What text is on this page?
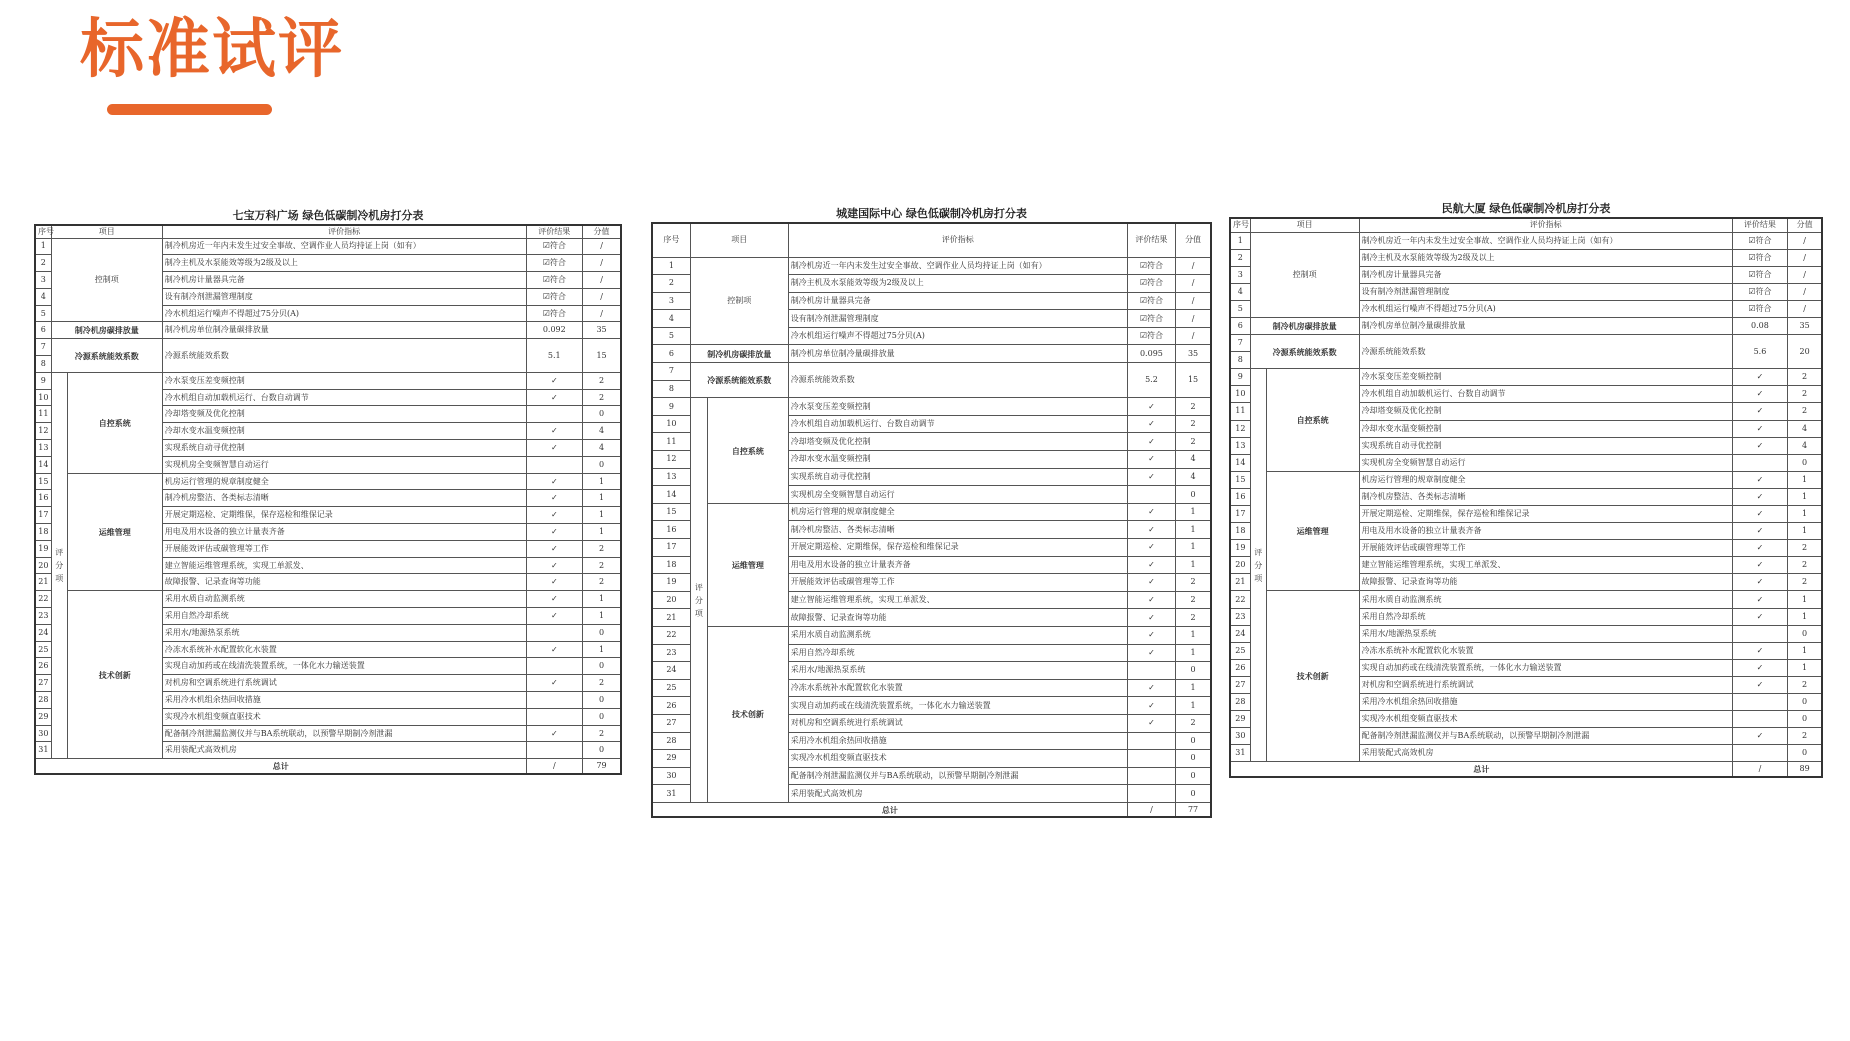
标准试评
七宝万科广场 绿色低碳制冷机房打分表
序号	项目		评价指标	评价结果	分值
1	控制项		制冷机房近一年内未发生过安全事故、空调作业人员均持证上岗（如有）	☑符合	/
2			制冷主机及水泵能效等级为2级及以上	☑符合	/
3			制冷机房计量器具完备	☑符合	/
4			设有制冷剂泄漏管理制度	☑符合	/
5			冷水机组运行噪声不得超过75分贝(A)	☑符合	/
6	制冷机房碳排放量		制冷机房单位制冷量碳排放量	0.092	35
7	冷源系统能效系数		冷源系统能效系数	5.1	15
8					
9	评分项	自控系统	冷水泵变压差变频控制	✓	2
10			冷水机组自动加载机运行、台数自动调节	✓	2
11			冷却塔变频及优化控制		0
12			冷却水变水温变频控制	✓	4
13			实现系统自动寻优控制	✓	4
14			实现机房全变频智慧自动运行		0
15		运维管理	机房运行管理的规章制度健全	✓	1
16			制冷机房整洁、各类标志清晰	✓	1
17			开展定期巡检、定期维保，保存巡检和维保记录	✓	1
18			用电及用水设备的独立计量表齐备	✓	1
19			开展能效评估或碳管理等工作	✓	2
20			建立智能运维管理系统，实现工单派发、	✓	2
21			故障报警、记录查询等功能	✓	2
22		技术创新	采用水质自动监测系统	✓	1
23			采用自然冷却系统	✓	1
24			采用水/地源热泵系统		0
25			冷冻水系统补水配置软化水装置	✓	1
26			实现自动加药或在线清洗装置系统，一体化水力输送装置		0
27			对机房和空调系统进行系统调试	✓	2
28			采用冷水机组余热回收措施		0
29			实现冷水机组变频直驱技术		0
30			配备制冷剂泄漏监测仪并与BA系统联动，以预警早期制冷剂泄漏	✓	2
31			采用装配式高效机房		0
总计				/	79
城建国际中心 绿色低碳制冷机房打分表
序号	项目		评价指标	评价结果	分值
1	控制项		制冷机房近一年内未发生过安全事故、空调作业人员均持证上岗（如有）	☑符合	/
2			制冷主机及水泵能效等级为2级及以上	☑符合	/
3			制冷机房计量器具完备	☑符合	/
4			设有制冷剂泄漏管理制度	☑符合	/
5			冷水机组运行噪声不得超过75分贝(A)	☑符合	/
6	制冷机房碳排放量		制冷机房单位制冷量碳排放量	0.095	35
7	冷源系统能效系数		冷源系统能效系数	5.2	15
8					
9	评分项	自控系统	冷水泵变压差变频控制	✓	2
10			冷水机组自动加载机运行、台数自动调节	✓	2
11			冷却塔变频及优化控制	✓	2
12			冷却水变水温变频控制	✓	4
13			实现系统自动寻优控制	✓	4
14			实现机房全变频智慧自动运行		0
15		运维管理	机房运行管理的规章制度健全	✓	1
16			制冷机房整洁、各类标志清晰	✓	1
17			开展定期巡检、定期维保，保存巡检和维保记录	✓	1
18			用电及用水设备的独立计量表齐备	✓	1
19			开展能效评估或碳管理等工作	✓	2
20			建立智能运维管理系统，实现工单派发、	✓	2
21			故障报警、记录查询等功能	✓	2
22		技术创新	采用水质自动监测系统	✓	1
23			采用自然冷却系统	✓	1
24			采用水/地源热泵系统		0
25			冷冻水系统补水配置软化水装置	✓	1
26			实现自动加药或在线清洗装置系统，一体化水力输送装置	✓	1
27			对机房和空调系统进行系统调试	✓	2
28			采用冷水机组余热回收措施		0
29			实现冷水机组变频直驱技术		0
30			配备制冷剂泄漏监测仪并与BA系统联动，以预警早期制冷剂泄漏		0
31			采用装配式高效机房		0
总计				/	77
民航大厦 绿色低碳制冷机房打分表
序号	项目		评价指标	评价结果	分值
1	控制项		制冷机房近一年内未发生过安全事故、空调作业人员均持证上岗（如有）	☑符合	/
2			制冷主机及水泵能效等级为2级及以上	☑符合	/
3			制冷机房计量器具完备	☑符合	/
4			设有制冷剂泄漏管理制度	☑符合	/
5			冷水机组运行噪声不得超过75分贝(A)	☑符合	/
6	制冷机房碳排放量		制冷机房单位制冷量碳排放量	0.08	35
7	冷源系统能效系数		冷源系统能效系数	5.6	20
8					
9	评分项	自控系统	冷水泵变压差变频控制	✓	2
10			冷水机组自动加载机运行、台数自动调节	✓	2
11			冷却塔变频及优化控制	✓	2
12			冷却水变水温变频控制	✓	4
13			实现系统自动寻优控制	✓	4
14			实现机房全变频智慧自动运行		0
15		运维管理	机房运行管理的规章制度健全	✓	1
16			制冷机房整洁、各类标志清晰	✓	1
17			开展定期巡检、定期维保，保存巡检和维保记录	✓	1
18			用电及用水设备的独立计量表齐备	✓	1
19			开展能效评估或碳管理等工作	✓	2
20			建立智能运维管理系统，实现工单派发、	✓	2
21			故障报警、记录查询等功能	✓	2
22		技术创新	采用水质自动监测系统	✓	1
23			采用自然冷却系统	✓	1
24			采用水/地源热泵系统		0
25			冷冻水系统补水配置软化水装置	✓	1
26			实现自动加药或在线清洗装置系统，一体化水力输送装置	✓	1
27			对机房和空调系统进行系统调试	✓	2
28			采用冷水机组余热回收措施		0
29			实现冷水机组变频直驱技术		0
30			配备制冷剂泄漏监测仪并与BA系统联动，以预警早期制冷剂泄漏	✓	2
31			采用装配式高效机房		0
总计				/	89
